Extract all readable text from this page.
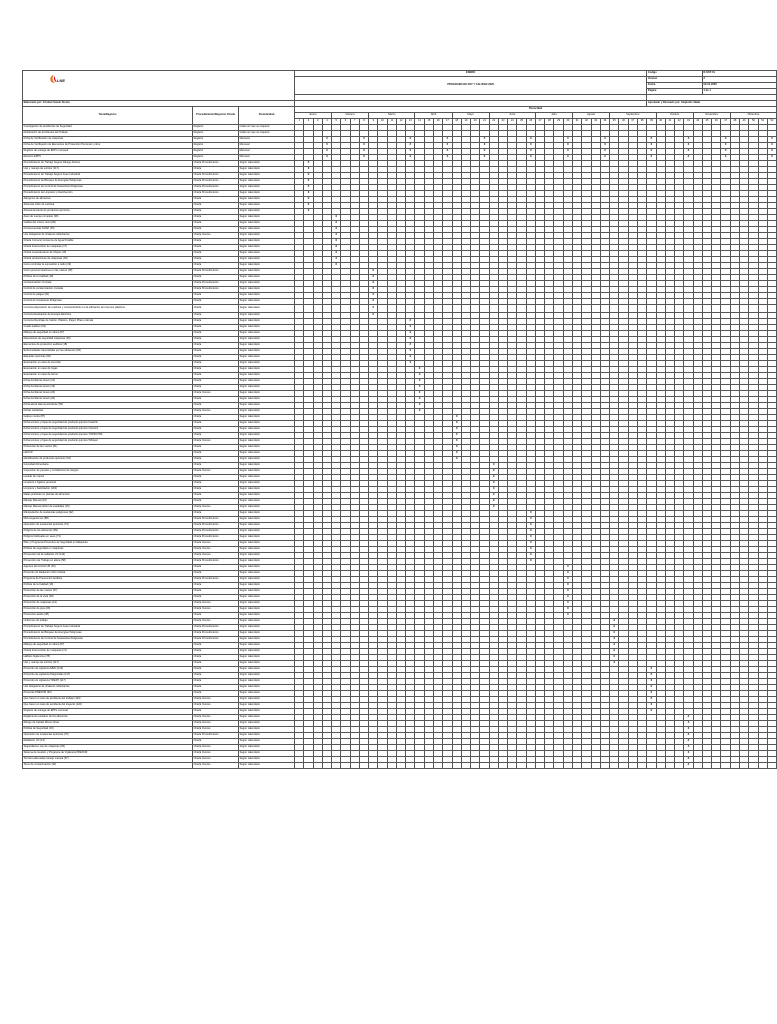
LNE			ENERO																																						Codigo						R-SST-01							
			PROGRAMA DE SST Y CALIDAD 2025																																						Version						2							
																																									Fecha						02-01-2025							
																																									Pagina						1 de 1							

Elaborado por: Cristian Sotelo Alcota																																									Aprobado y Revisado por: Alejandro Nada													
Tema/Registro	Procedimiento/Registro/ Charla	Periodicidad	Periocidad																																																			
			Enero				Febrero				Marzo					Abril				Mayo				Junio					Julio				Agosto				Septiembre					Octubre				Noviembre				Diciembre				
			1	2	3	4	5	6	7	8	9	10	11	12	13	14	15	16	17	18	19	20	21	22	23	24	25	26	27	28	29	30	31	32	33	34	35	36	37	38	39	40	41	42	43	44	45	46	47	48	49	50	51	52
Investigación de accidentes de Seguridad	Registro	Cada vez que se requiera																																																				
Declaración de Accidentes del Trabajo	Registro	Cada vez que se requiera																																																				
Ficha de Verificación de máquinas	Registro	Mensual				X				X					X				X				X					X				X				X					X				X				X					X
Ficha de Verificación de Elementos de Protección Personal y otros	Registro	Mensual				X				X					X				X				X					X				X				X					X				X				X					X
Registro de entrega de EPP's mensual	Registro	Mensual				X				X					X				X				X					X				X				X					X				X				X					X
Reunión EPPS	Registro	Mensual				X				X					X				X				X					X				X				X					X				X				X					X
Procedimiento de Trabajo Seguro Riesgo Físicos	Charla Procedimiento	Según calendario		X																																																		
Uso y manejo de extintor (117)	Charla	Según calendario		X																																																		
Procedimiento de Trabajo Seguro Aseo Industrial	Charla Procedimiento	Según calendario		X																																																		
Procedimiento de Bloqueo de Energías Peligrosas	Charla Procedimiento	Según calendario		X																																																		
Procedimiento de Control de Sustancias Peligrosas	Charla Procedimiento	Según calendario		X																																																		
Procedimiento de Limpieza y Desinfección	Charla Procedimiento	Según calendario		X																																																		
Alérgenos de alimentos	Charla	Según calendario		X																																																		
Sistemas Libre de Lactosa	Charla	Según calendario		X																																																		
Almacenamiento de productos químicos	Charla	Según calendario		X																																																		
Aseo de cuerpo completo (39)	Charla	Según calendario					X																																															
Caídas del mismo nivel (39)	Charla	Según calendario					X																																															
Consecuencias SOAP (15)	Charla	Según calendario					X																																															
Uso obligatorio de chalecos reflectantes	Charla Overeo	Según calendario					X																																															
Charla Correcto Consumo de Agua Potable	Charla	Según calendario					X																																															
Charla Intervención de maquinas (17)	Charla	Según calendario					X																																															
Charla Levantamiento de Objeto (15)	Charla	Según calendario					X																																															
Charla protecciones de máquinas (18)	Charla	Según calendario					X																																															
Como controlar la exposición a ruido (19)	Charla	Según calendario					X																																															
Cómo prevenir lesiones en las manos (18)	Charla Procedimiento	Según calendario									X																																											
Política de la Calidad (19)	Charla	Según calendario									X																																											
Contaminación Cruzada	Charla Procedimiento	Según calendario									X																																											
Control de contaminación cruzada	Charla Procedimiento	Según calendario									X																																											
Control de plagas (91)	Charla	Según calendario									X																																											
Control de Sustancias Peligrosas	Charla	Según calendario									X																																											
Correcta disposición de residuos y concientización en la utilización de insumos plásticos	Charla	Según calendario									X																																											
Correcta Evaluación de Energía Eléctrica	Charla	Según calendario									X																																											
Correcta Reciclaje de Cartón, Plástico, Papel, Pilas u demás	Charla	Según calendario													X																																							
Cuello auditivo (91)	Charla	Según calendario													X																																							
Diálogo de seguridad en altura (57)	Charla	Según calendario													X																																							
Dispositivos de seguridad máquinas (15)	Charla	Según calendario													X																																							
Elementos de protección auditiva (18)	Charla	Según calendario													X																																							
Enfermedades transmitidas por los alimentos (93)	Charla	Según calendario													X																																							
Etiquetas químicas (92)	Charla	Según calendario													X																																							
Evacuación en caso de incendio	Charla	Según calendario													X																																							
Evacuación en caso de fugas	Charla	Según calendario														X																																						
Evacuación en caso de sismo	Charla	Según calendario														X																																						
Ficha Accidente Grave (12)	Charla	Según calendario														X																																						
Ficha Accidente Grave (19)	Charla	Según calendario														X																																						
Ficha Accidente Grave (20)	Charla Overeo	Según calendario														X																																						
Ficha Accidente Grave (24)	Charla	Según calendario														X																																						
Ficha alerta alarma accidente (59)	Charla	Según calendario														X																																						
Fichas sanitarias	Charla Overeo	Según calendario														X																																						
Golpes contra (87)	Charla	Según calendario																		X																																		
Ficha técnica y hojas de seguridad de producto químico Foderlin	Charla	Según calendario																		X																																		
Ficha técnica y hojas de seguridad de producto químico Clorotric	Charla	Según calendario																		X																																		
Ficha técnica y hojas de seguridad de producto químico TOPFILTRA	Charla	Según calendario																		X																																		
Ficha técnica y hojas de seguridad de producto químico Whisper	Charla Overeo	Según calendario																		X																																		
Protección de las manos (61)	Charla	Según calendario																		X																																		
HACCP	Charla	Según calendario																		X																																		
Identificación de productos químicos (91)	Charla	Según calendario																		X																																		
Inocuidad Alimentaria	Charla	Según calendario																						X																														
Inspección de puestos y condiciones de riesgos	Charla Overeo	Según calendario																						X																														
Lavado de manos	Charla	Según calendario																						X																														
Limpieza e higiene personal	Charla	Según calendario																						X																														
Limpieza y Santización (163)	Charla	Según calendario																						X																														
Malas prácticas en plantas de alimentos	Charla	Según calendario																						X																														
Manejo Manual (23)	Charla	Según calendario																						X																														
Manejo Manual (dolor de espaldas) (15)	Charla Overeo	Según calendario																						X																														
Manipulación de sustancias peligrosas (92)	Charla	Según calendario																										X																										
Microorganismos (88)	Charla Procedimiento	Según calendario																										X																										
Operación de sustancias químicas (74)	Charla Procedimiento	Según calendario																										X																										
Peligros de los alimentos (89)	Charla Procedimiento	Según calendario																										X																										
Peligros habituales en aseo (71)	Charla Procedimiento	Según calendario																										X																										
Plan y Programa Preventivo de Seguridad en Máquinas	Charla Overeo	Según calendario																										X																										
Política de seguridad en máquinas	Charla Overeo	Según calendario																										X																										
Prevención de la radiación UV (114)	Charla Overeo	Según calendario																										X																										
Prevención de Trabajo en altura (58)	Charla Procedimiento	Según calendario																										X																										
Agentes del control UR (16)	Charla	Según calendario																														X																						
Protocolo de Radiación Ultra Violeta	Charla	Según calendario																														X																						
Programa de Prevención Auditiva	Charla Procedimiento	Según calendario																														X																						
Política de la Calidad (19)	Charla	Según calendario																														X																						
Protección de las manos (37)	Charla	Según calendario																														X																						
Protección de la vista (39)	Charla	Según calendario																														X																						
Protección de máquinas (13)	Charla Overeo	Según calendario																														X																						
Protección de pies (26)	Charla Overeo	Según calendario																														X																						
Protección asalto (38)	Charla	Según calendario																														X																						
Uniformes de trabajo	Charla Overeo	Según calendario																																			X																	
Procedimiento de Trabajo Seguro Aseo Industrial	Charla Procedimiento	Según calendario																																			X																	
Procedimiento de Bloqueo de Energías Peligrosas	Charla Procedimiento	Según calendario																																			X																	
Procedimiento de Control de Sustancias Peligrosas	Charla Procedimiento	Según calendario																																			X																	
Diálogo de seguridad en altura (57)	Charla	Según calendario																																			X																	
Charla Intervención de maquinas (17)	Charla	Según calendario																																			X																	
Hábitos higiénicos (78)	Charla	Según calendario																																			X																	
Uso y manejo de extintor (117)	Charla	Según calendario																																			X																	
Protocolo de vigilancia MMC (116)	Charla	Según calendario																																							X													
Protocolo de vigilancia Plaguicidas (117)	Charla	Según calendario																																							X													
Protocolo de vigilancia TMERT (117)	Charla	Según calendario																																							X													
Uso obligatorio de chalecos reflectantes	Charla	Según calendario																																							X													
Protocolo PREXOR (90)	Charla	Según calendario																																							X													
Que hacer en caso de accidente del trabajo (120)	Charla Overeo	Según calendario																																							X													
Que hacer en caso de accidente del trayecto (122)	Charla Overeo	Según calendario																																							X													
Registro de entrega de EPPs mensual	Charla	Según calendario																																							X													
Reglamento sanitario de los alimentos	Charla Overeo	Según calendario																																											X									
Riesgo de Caídas Mismo Nivel	Charla Overeo	Según calendario																																											X									
Política de Seguridad (19)	Charla Overeo	Según calendario																																											X									
Operación de sustancias químicas (70)	Charla Procedimiento	Según calendario																																											X									
Radiación UV (13)	Charla	Según calendario																																											X									
Seguridad en uso de máquinas (93)	Charla Overeo	Según calendario																																											X									
Sistema de Gestión y Programa de Vigilancia PREXOR	Charla Overeo	Según calendario																																											X									
Técnica adecuada manejo manual (57)	Charla Overeo	Según calendario																																											X									
Tipos de contaminación (92)	Charla Overeo	Según calendario																																											X									
